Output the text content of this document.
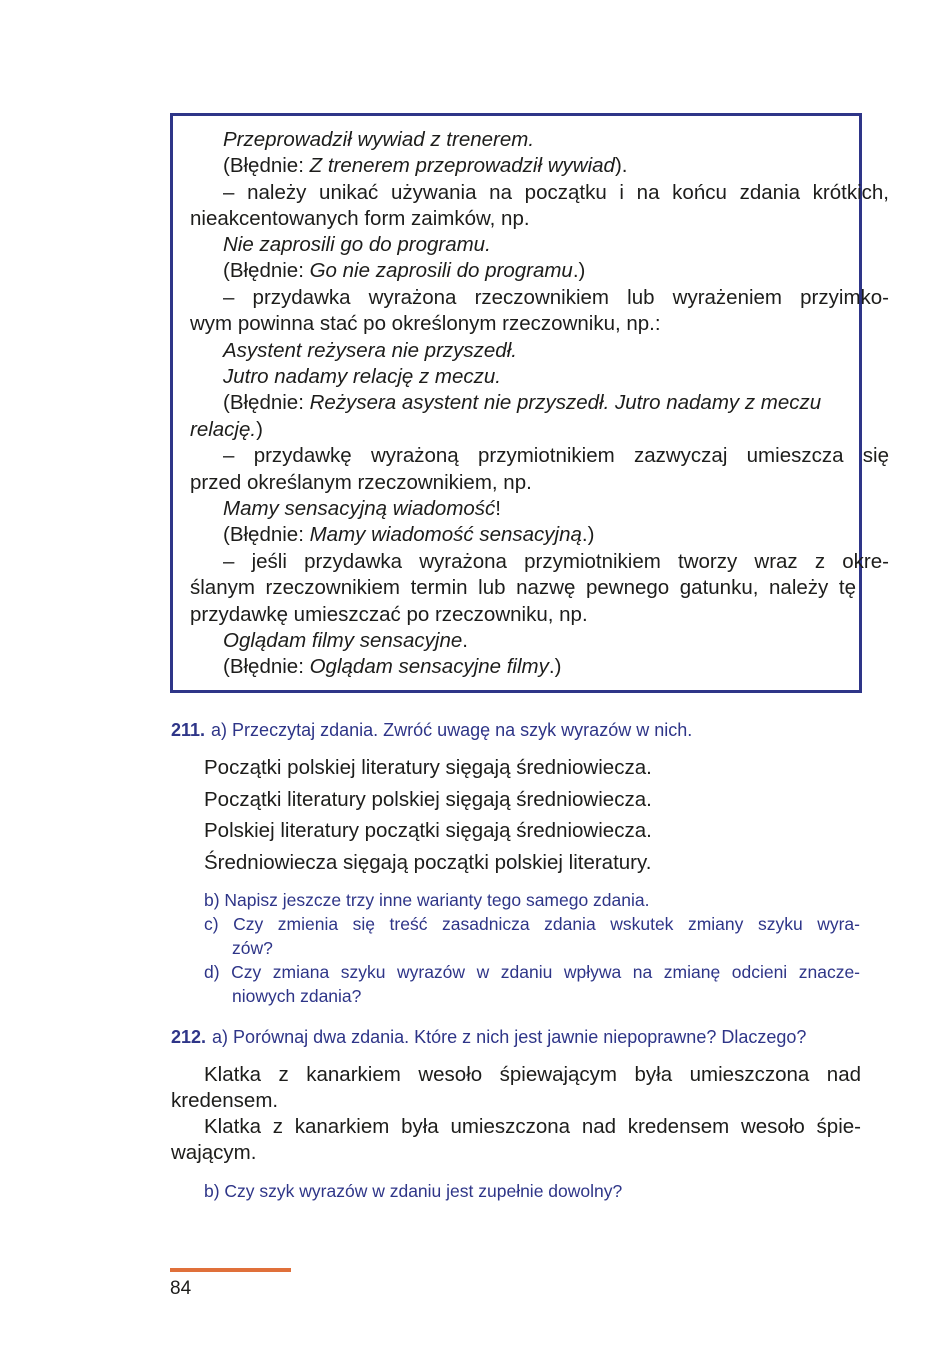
Przeprowadził wywiad z trenerem.
(Błędnie: Z trenerem przeprowadził wywiad).
– należy unikać używania na początku i na końcu zdania krótkich,
nieakcentowanych form zaimków, np.
Nie zaprosili go do programu.
(Błędnie: Go nie zaprosili do programu.)
– przydawka wyrażona rzeczownikiem lub wyrażeniem przyimko-
wym powinna stać po określonym rzeczowniku, np.:
Asystent reżysera nie przyszedł.
Jutro nadamy relację z meczu.
(Błędnie: Reżysera asystent nie przyszedł. Jutro nadamy z meczu
relację.)
– przydawkę wyrażoną przymiotnikiem zazwyczaj umieszcza się
przed określanym rzeczownikiem, np.
Mamy sensacyjną wiadomość!
(Błędnie: Mamy wiadomość sensacyjną.)
– jeśli przydawka wyrażona przymiotnikiem tworzy wraz z okre-
ślanym rzeczownikiem termin lub nazwę pewnego gatunku, należy tę
przydawkę umieszczać po rzeczowniku, np.
Oglądam filmy sensacyjne.
(Błędnie: Oglądam sensacyjne filmy.)
211. a) Przeczytaj zdania. Zwróć uwagę na szyk wyrazów w nich.
Początki polskiej literatury sięgają średniowiecza.
Początki literatury polskiej sięgają średniowiecza.
Polskiej literatury początki sięgają średniowiecza.
Średniowiecza sięgają początki polskiej literatury.
b) Napisz jeszcze trzy inne warianty tego samego zdania.
c) Czy zmienia się treść zasadnicza zdania wskutek zmiany szyku wyra-
zów?
d) Czy zmiana szyku wyrazów w zdaniu wpływa na zmianę odcieni znacze-
niowych zdania?
212. a) Porównaj dwa zdania. Które z nich jest jawnie niepoprawne? Dlaczego?
Klatka z kanarkiem wesoło śpiewającym była umieszczona nad
kredensem.
Klatka z kanarkiem była umieszczona nad kredensem wesoło śpie-
wającym.
b) Czy szyk wyrazów w zdaniu jest zupełnie dowolny?
84
